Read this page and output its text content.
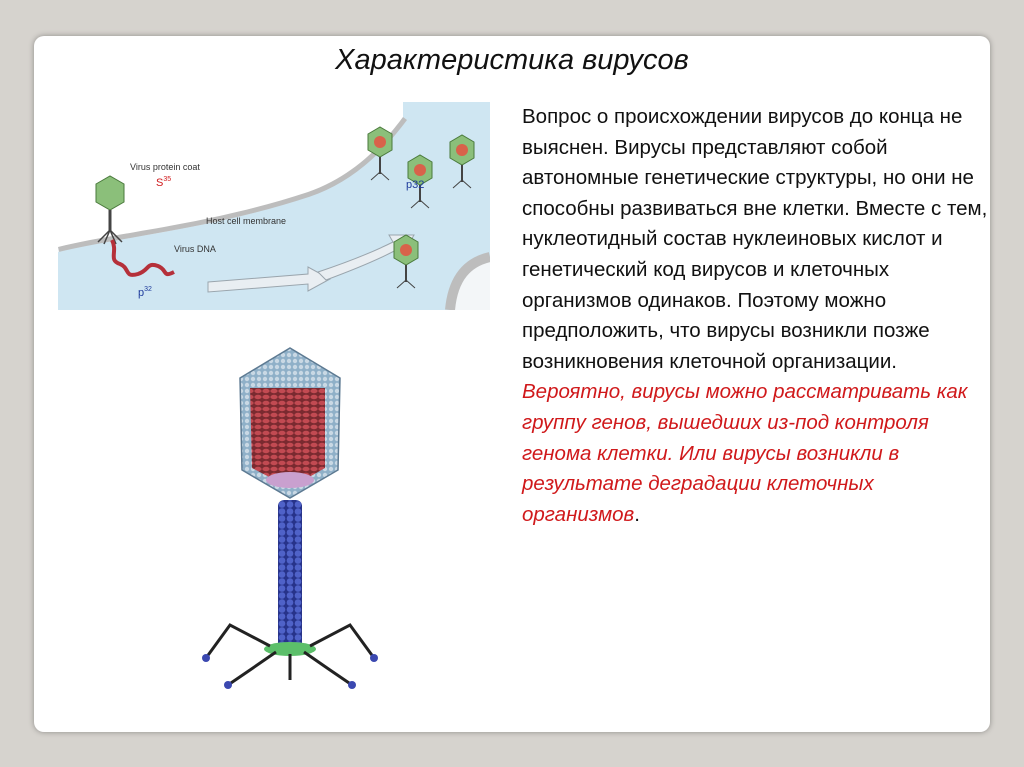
Характеристика вирусов
Virus protein coat
$S^{35}$
Host cell membrane
Virus DNA
$p^{32}$
p32
Вопрос о происхождении вирусов до конца не выяснен. Вирусы представляют собой автономные генетические структуры, но они не способны развиваться вне клетки. Вместе с тем, нуклеотидный состав нуклеиновых кислот и генетический код вирусов и клеточных организмов одинаков. Поэтому можно предположить, что вирусы возникли позже возникновения клеточной организации. Вероятно, вирусы можно рассматривать как группу генов, вышедших из-под контроля генома клетки. Или вирусы возникли в результате деградации клеточных организмов.
